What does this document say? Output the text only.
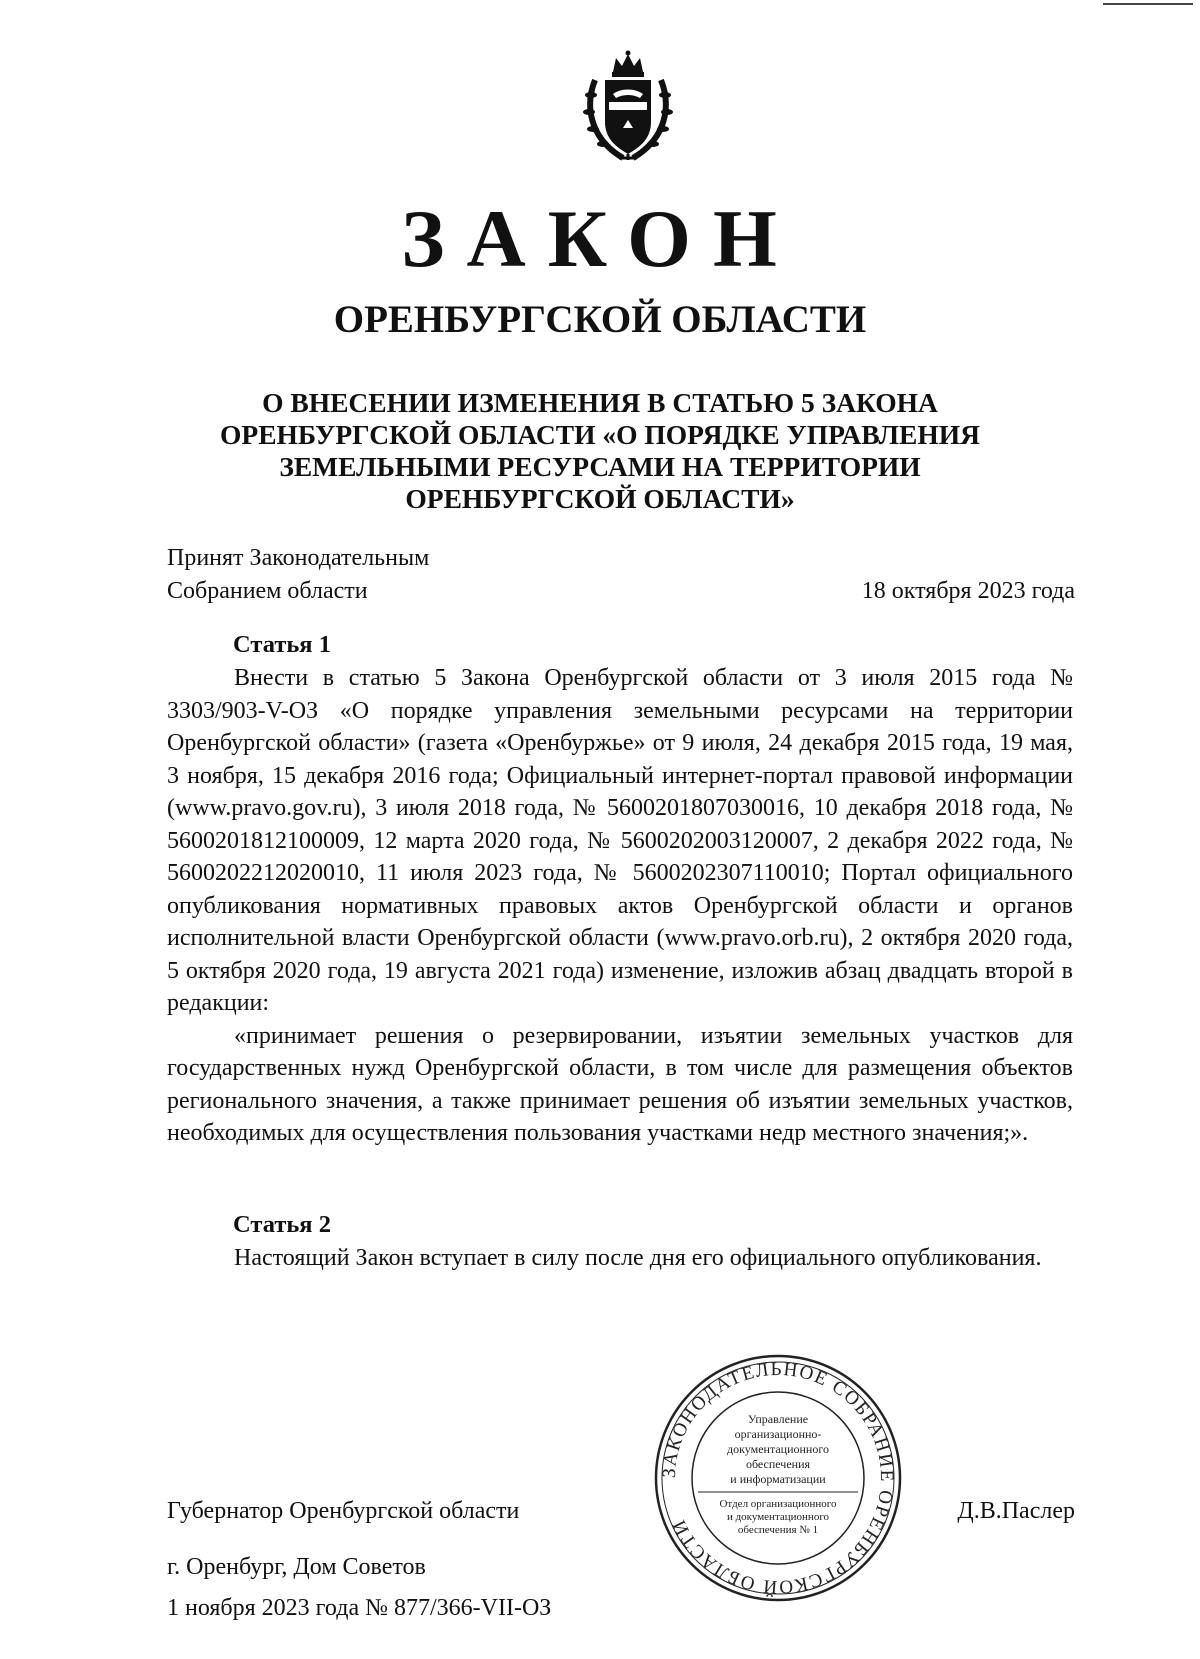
ЗАКОН
ОРЕНБУРГСКОЙ ОБЛАСТИ
О ВНЕСЕНИИ ИЗМЕНЕНИЯ В СТАТЬЮ 5 ЗАКОНА
ОРЕНБУРГСКОЙ ОБЛАСТИ «О ПОРЯДКЕ УПРАВЛЕНИЯ
ЗЕМЕЛЬНЫМИ РЕСУРСАМИ НА ТЕРРИТОРИИ
ОРЕНБУРГСКОЙ ОБЛАСТИ»
Принят Законодательным
Собранием области	18 октября 2023 года
Статья 1

Внести в статью 5 Закона Оренбургской области от 3 июля 2015 года № 3303/903-V-ОЗ «О порядке управления земельными ресурсами на территории Оренбургской области» (газета «Оренбуржье» от 9 июля, 24 декабря 2015 года, 19 мая, 3 ноября, 15 декабря 2016 года; Официальный интернет-портал правовой информации (www.pravo.gov.ru), 3 июля 2018 года, № 5600201807030016, 10 декабря 2018 года, № 5600201812100009, 12 марта 2020 года, № 5600202003120007, 2 декабря 2022 года, № 5600202212020010, 11 июля 2023 года, № 5600202307110010; Портал официального опубликования нормативных правовых актов Оренбургской области и органов исполнительной власти Оренбургской области (www.pravo.orb.ru), 2 октября 2020 года, 5 октября 2020 года, 19 августа 2021 года) изменение, изложив абзац двадцать второй в редакции:

«принимает решения о резервировании, изъятии земельных участков для государственных нужд Оренбургской области, в том числе для размещения объектов регионального значения, а также принимает решения об изъятии земельных участков, необходимых для осуществления пользования участками недр местного значения;».

Статья 2

Настоящий Закон вступает в силу после дня его официального опубликования.

ЗАКОНОДАТЕЛЬНОЕ СОБРАНИЕ ОРЕНБУРГСКОЙ ОБЛАСТИ
Управление
организационно-
документационного
обеспечения
и информатизации
Отдел организационного
и документационного
обеспечения № 1
Губернатор Оренбургской области	Д.В.Паслер
г. Оренбург, Дом Советов
1 ноября 2023 года № 877/366-VII-ОЗ
